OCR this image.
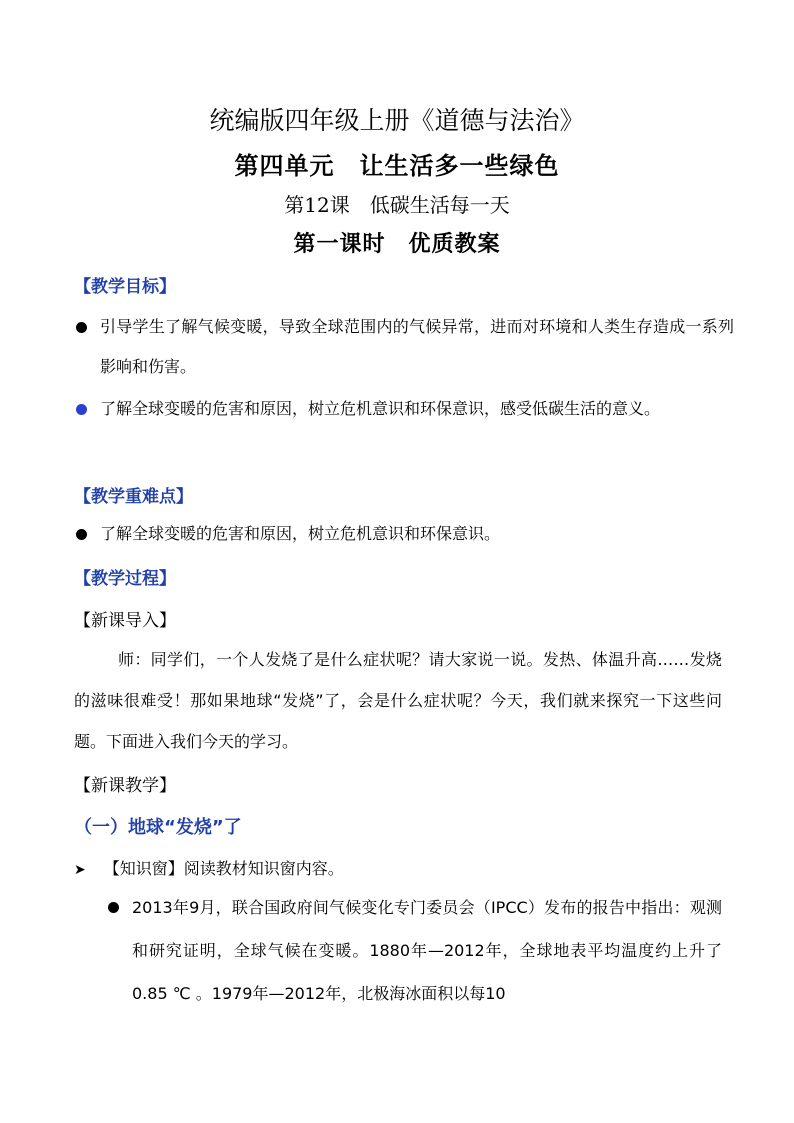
统编版四年级上册《道德与法治》
第四单元　让生活多一些绿色
第12课　低碳生活每一天
第一课时　优质教案
【教学目标】
引导学生了解气候变暖，导致全球范围内的气候异常，进而对环境和人类生存造成一系列影响和伤害。
了解全球变暖的危害和原因，树立危机意识和环保意识，感受低碳生活的意义。
【教学重难点】
了解全球变暖的危害和原因，树立危机意识和环保意识。
【教学过程】
【新课导入】
师：同学们，一个人发烧了是什么症状呢？请大家说一说。发热、体温升高……发烧的滋味很难受！那如果地球“发烧”了，会是什么症状呢？今天，我们就来探究一下这些问题。下面进入我们今天的学习。
【新课教学】
（一）地球“发烧”了
➤ 【知识窗】阅读教材知识窗内容。
2013年9月，联合国政府间气候变化专门委员会（IPCC）发布的报告中指出：观测和研究证明，全球气候在变暖。1880年—2012年，全球地表平均温度约上升了0.85 ℃ 。1979年—2012年，北极海冰面积以每10
